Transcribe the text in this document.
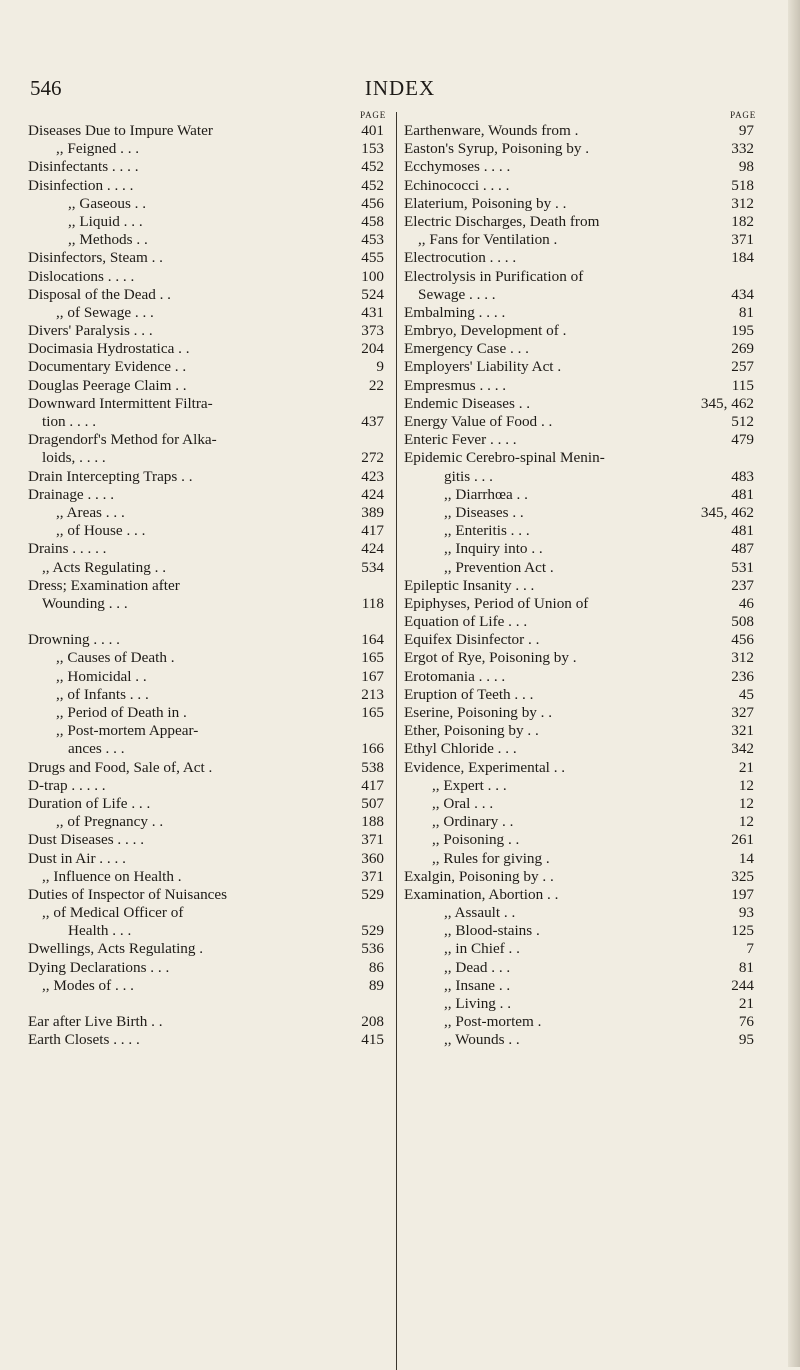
546	INDEX
PAGE
Diseases Due to Impure Water	401
,, Feigned . . .	153
Disinfectants . . . .	452
Disinfection . . . .	452
,, Gaseous . .	456
,, Liquid . . .	458
,, Methods . .	453
Disinfectors, Steam . .	455
Dislocations . . . .	100
Disposal of the Dead . .	524
,, of Sewage . . .	431
Divers' Paralysis . . .	373
Docimasia Hydrostatica . .	204
Documentary Evidence . .	9
Douglas Peerage Claim . .	22
Downward Intermittent Filtra-
tion . . . .	437
Dragendorf's Method for Alka-
loids, . . . .	272
Drain Intercepting Traps . .	423
Drainage . . . .	424
,, Areas . . .	389
,, of House . . .	417
Drains . . . . .	424
,, Acts Regulating . .	534
Dress; Examination after
Wounding . . .	118
Drowning . . . .	164
,, Causes of Death .	165
,, Homicidal . .	167
,, of Infants . . .	213
,, Period of Death in .	165
,, Post-mortem Appear-
ances . . .	166
Drugs and Food, Sale of, Act .	538
D-trap . . . . .	417
Duration of Life . . .	507
,, of Pregnancy . .	188
Dust Diseases . . . .	371
Dust in Air . . . .	360
,, Influence on Health .	371
Duties of Inspector of Nuisances	529
,, of Medical Officer of
Health . . .	529
Dwellings, Acts Regulating .	536
Dying Declarations . . .	86
,, Modes of . . .	89
Ear after Live Birth . .	208
Earth Closets . . . .	415
PAGE
Earthenware, Wounds from .	97
Easton's Syrup, Poisoning by .	332
Ecchymoses . . . .	98
Echinococci . . . .	518
Elaterium, Poisoning by . .	312
Electric Discharges, Death from	182
,, Fans for Ventilation .	371
Electrocution . . . .	184
Electrolysis in Purification of
Sewage . . . .	434
Embalming . . . .	81
Embryo, Development of .	195
Emergency Case . . .	269
Employers' Liability Act .	257
Empresmus . . . .	115
Endemic Diseases . .	345, 462
Energy Value of Food . .	512
Enteric Fever . . . .	479
Epidemic Cerebro-spinal Menin-
gitis . . .	483
,, Diarrhœa . .	481
,, Diseases . .	345, 462
,, Enteritis . . .	481
,, Inquiry into . .	487
,, Prevention Act .	531
Epileptic Insanity . . .	237
Epiphyses, Period of Union of	46
Equation of Life . . .	508
Equifex Disinfector . .	456
Ergot of Rye, Poisoning by .	312
Erotomania . . . .	236
Eruption of Teeth . . .	45
Eserine, Poisoning by . .	327
Ether, Poisoning by . .	321
Ethyl Chloride . . .	342
Evidence, Experimental . .	21
,, Expert . . .	12
,, Oral . . .	12
,, Ordinary . .	12
,, Poisoning . .	261
,, Rules for giving .	14
Exalgin, Poisoning by . .	325
Examination, Abortion . .	197
,, Assault . .	93
,, Blood-stains .	125
,, in Chief . .	7
,, Dead . . .	81
,, Insane . .	244
,, Living . .	21
,, Post-mortem .	76
,, Wounds . .	95
